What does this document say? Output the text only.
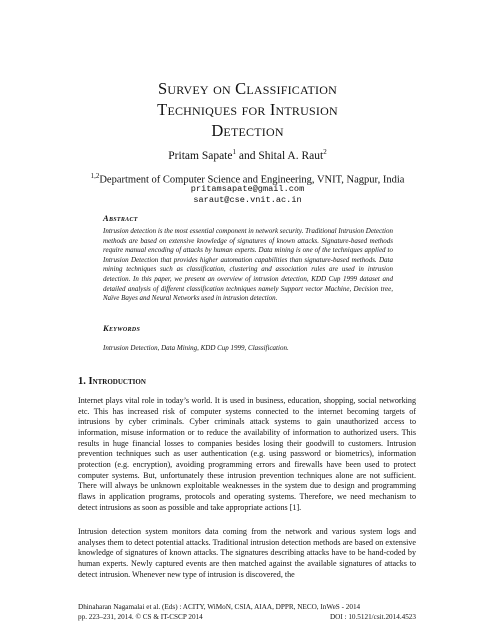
Survey on Classification
Techniques for Intrusion
Detection
Pritam Sapate$^1$ and Shital A. Raut$^2$
$^{1,2}$Department of Computer Science and Engineering, VNIT, Nagpur, India
pritamsapate@gmail.com
saraut@cse.vnit.ac.in
Abstract
Intrusion detection is the most essential component in network security. Traditional Intrusion Detection methods are based on extensive knowledge of signatures of known attacks. Signature-based methods require manual encoding of attacks by human experts. Data mining is one of the techniques applied to Intrusion Detection that provides higher automation capabilities than signature-based methods. Data mining techniques such as classification, clustering and association rules are used in intrusion detection. In this paper, we present an overview of intrusion detection, KDD Cup 1999 dataset and detailed analysis of different classification techniques namely Support vector Machine, Decision tree, Naïve Bayes and Neural Networks used in intrusion detection.
Keywords
Intrusion Detection, Data Mining, KDD Cup 1999, Classification.
1. Introduction
Internet plays vital role in today’s world. It is used in business, education, shopping, social networking etc. This has increased risk of computer systems connected to the internet becoming targets of intrusions by cyber criminals. Cyber criminals attack systems to gain unauthorized access to information, misuse information or to reduce the availability of information to authorized users. This results in huge financial losses to companies besides losing their goodwill to customers. Intrusion prevention techniques such as user authentication (e.g. using password or biometrics), information protection (e.g. encryption), avoiding programming errors and firewalls have been used to protect computer systems. But, unfortunately these intrusion prevention techniques alone are not sufficient. There will always be unknown exploitable weaknesses in the system due to design and programming flaws in application programs, protocols and operating systems. Therefore, we need mechanism to detect intrusions as soon as possible and take appropriate actions [1].
Intrusion detection system monitors data coming from the network and various system logs and analyses them to detect potential attacks. Traditional intrusion detection methods are based on extensive knowledge of signatures of known attacks. The signatures describing attacks have to be hand-coded by human experts. Newly captured events are then matched against the available signatures of attacks to detect intrusion. Whenever new type of intrusion is discovered, the
Dhinaharan Nagamalai et al. (Eds) : ACITY, WiMoN, CSIA, AIAA, DPPR, NECO, InWeS - 2014
pp. 223–231, 2014. © CS & IT-CSCP 2014	DOI : 10.5121/csit.2014.4523
